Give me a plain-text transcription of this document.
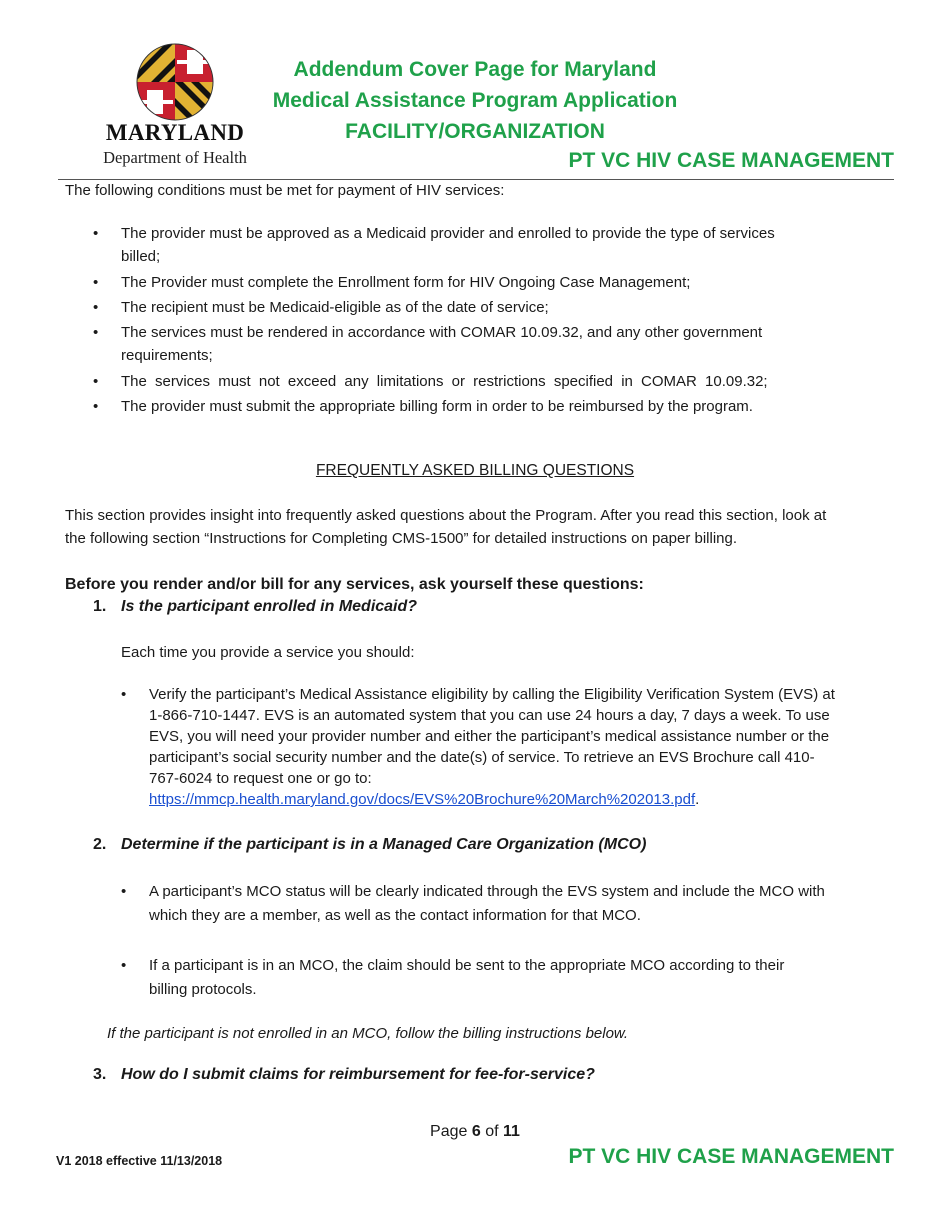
MARYLAND
Department of Health
Addendum Cover Page for Maryland
Medical Assistance Program Application
FACILITY/ORGANIZATION
PT VC HIV CASE MANAGEMENT
The following conditions must be met for payment of HIV services:
• The provider must be approved as a Medicaid provider and enrolled to provide the type of services
billed;
• The Provider must complete the Enrollment form for HIV Ongoing Case Management;
• The recipient must be Medicaid-eligible as of the date of service;
• The services must be rendered in accordance with COMAR 10.09.32, and any other government
requirements;
• The services must not exceed any limitations or restrictions specified in COMAR 10.09.32;
• The provider must submit the appropriate billing form in order to be reimbursed by the program.
FREQUENTLY ASKED BILLING QUESTIONS
This section provides insight into frequently asked questions about the Program. After you read this section, look at
the following section “Instructions for Completing CMS-1500” for detailed instructions on paper billing.
Before you render and/or bill for any services, ask yourself these questions:
1. Is the participant enrolled in Medicaid?
Each time you provide a service you should:
• Verify the participant’s Medical Assistance eligibility by calling the Eligibility Verification System (EVS) at
1-866-710-1447. EVS is an automated system that you can use 24 hours a day, 7 days a week. To use
EVS, you will need your provider number and either the participant’s medical assistance number or the
participant’s social security number and the date(s) of service. To retrieve an EVS Brochure call 410-
767-6024 to request one or go to:
https://mmcp.health.maryland.gov/docs/EVS%20Brochure%20March%202013.pdf.
2. Determine if the participant is in a Managed Care Organization (MCO)
• A participant’s MCO status will be clearly indicated through the EVS system and include the MCO with
which they are a member, as well as the contact information for that MCO.
• If a participant is in an MCO, the claim should be sent to the appropriate MCO according to their
billing protocols.
If the participant is not enrolled in an MCO, follow the billing instructions below.
3. How do I submit claims for reimbursement for fee-for-service?
Page 6 of 11
V1 2018 effective 11/13/2018	PT VC HIV CASE MANAGEMENT
